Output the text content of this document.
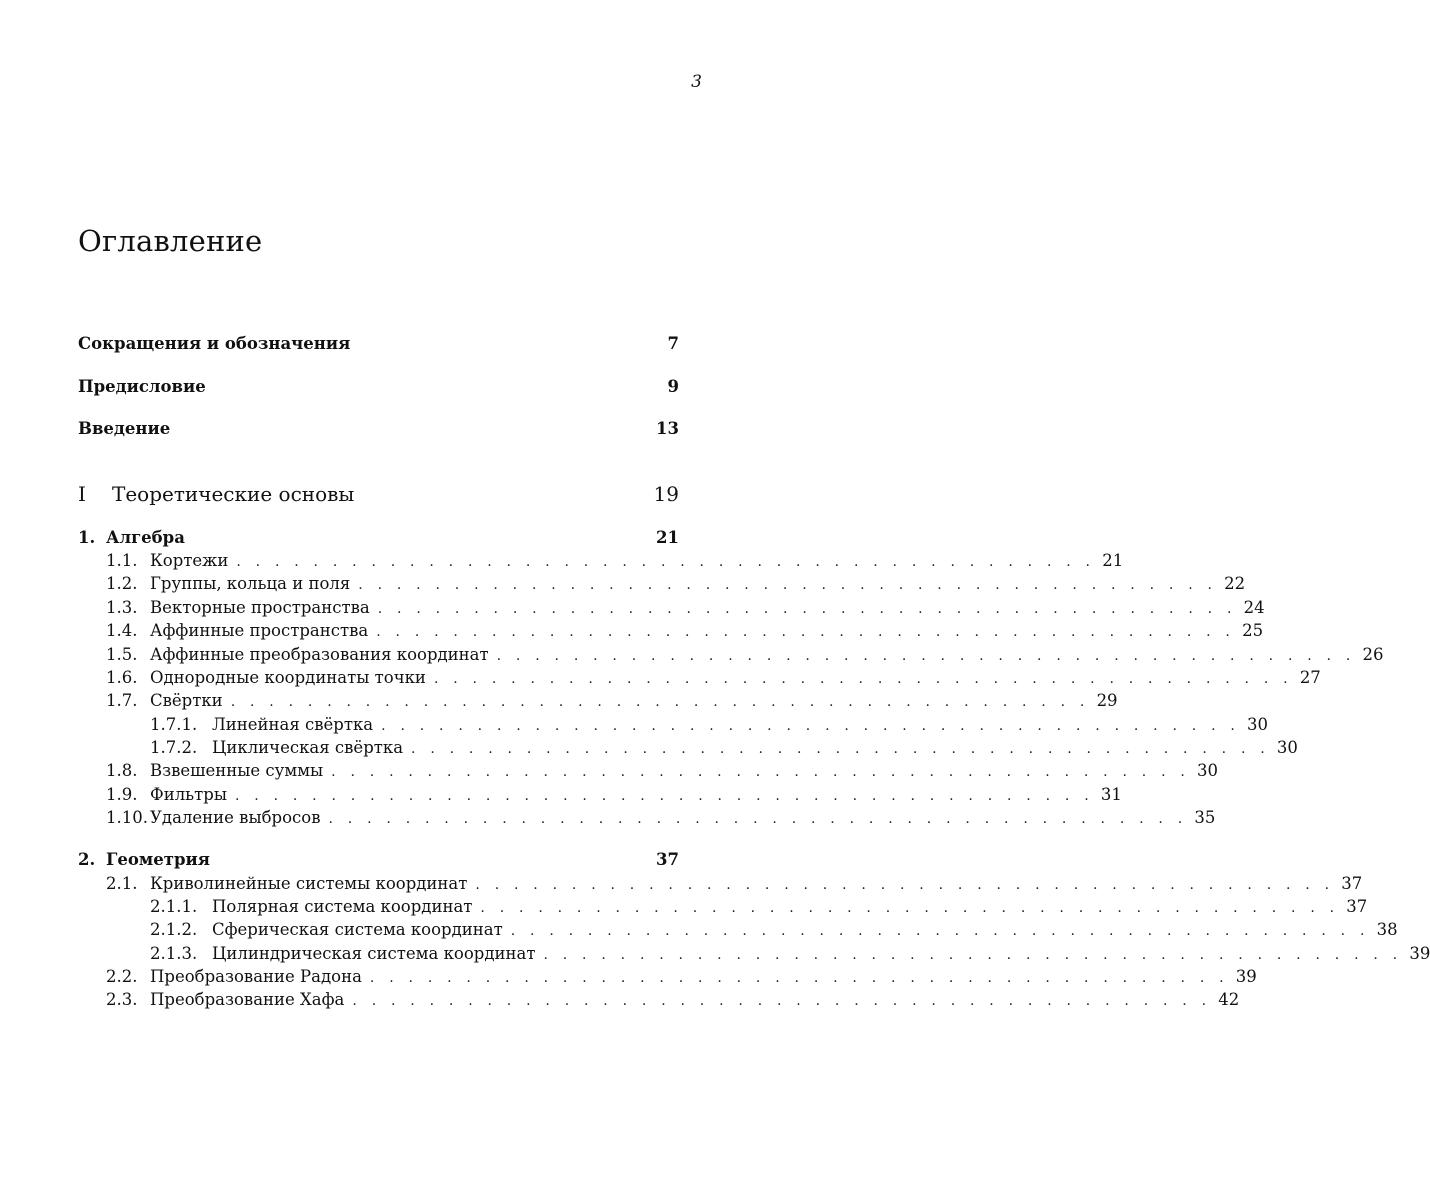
3
Оглавление
Сокращения и обозначения	7
Предисловие	9
Введение	13
I	Теоретические основы	19
1. Алгебра	21
1.1. Кортежи . . . . . . . . . . . . . . . . . . . . . . . . . . . . . . . . . . . . . . . . . . . . . 21
1.2. Группы, кольца и поля . . . . . . . . . . . . . . . . . . . . . . . . . . . . . . . . . . . . . . . . . . . . . 22
1.3. Векторные пространства . . . . . . . . . . . . . . . . . . . . . . . . . . . . . . . . . . . . . . . . . . . . . 24
1.4. Аффинные пространства . . . . . . . . . . . . . . . . . . . . . . . . . . . . . . . . . . . . . . . . . . . . . 25
1.5. Аффинные преобразования координат . . . . . . . . . . . . . . . . . . . . . . . . . . . . . . . . . . . . . . . . . . . . . 26
1.6. Однородные координаты точки . . . . . . . . . . . . . . . . . . . . . . . . . . . . . . . . . . . . . . . . . . . . . 27
1.7. Свёртки . . . . . . . . . . . . . . . . . . . . . . . . . . . . . . . . . . . . . . . . . . . . . 29
1.7.1. Линейная свёртка . . . . . . . . . . . . . . . . . . . . . . . . . . . . . . . . . . . . . . . . . . . . . 30
1.7.2. Циклическая свёртка . . . . . . . . . . . . . . . . . . . . . . . . . . . . . . . . . . . . . . . . . . . . . 30
1.8. Взвешенные суммы . . . . . . . . . . . . . . . . . . . . . . . . . . . . . . . . . . . . . . . . . . . . . 30
1.9. Фильтры . . . . . . . . . . . . . . . . . . . . . . . . . . . . . . . . . . . . . . . . . . . . . 31
1.10. Удаление выбросов . . . . . . . . . . . . . . . . . . . . . . . . . . . . . . . . . . . . . . . . . . . . . 35
2. Геометрия	37
2.1. Криволинейные системы координат . . . . . . . . . . . . . . . . . . . . . . . . . . . . . . . . . . . . . . . . . . . . . 37
2.1.1. Полярная система координат . . . . . . . . . . . . . . . . . . . . . . . . . . . . . . . . . . . . . . . . . . . . . 37
2.1.2. Сферическая система координат . . . . . . . . . . . . . . . . . . . . . . . . . . . . . . . . . . . . . . . . . . . . . 38
2.1.3. Цилиндрическая система координат . . . . . . . . . . . . . . . . . . . . . . . . . . . . . . . . . . . . . . . . . . . . . 39
2.2. Преобразование Радона . . . . . . . . . . . . . . . . . . . . . . . . . . . . . . . . . . . . . . . . . . . . . 39
2.3. Преобразование Хафа . . . . . . . . . . . . . . . . . . . . . . . . . . . . . . . . . . . . . . . . . . . . . 42
